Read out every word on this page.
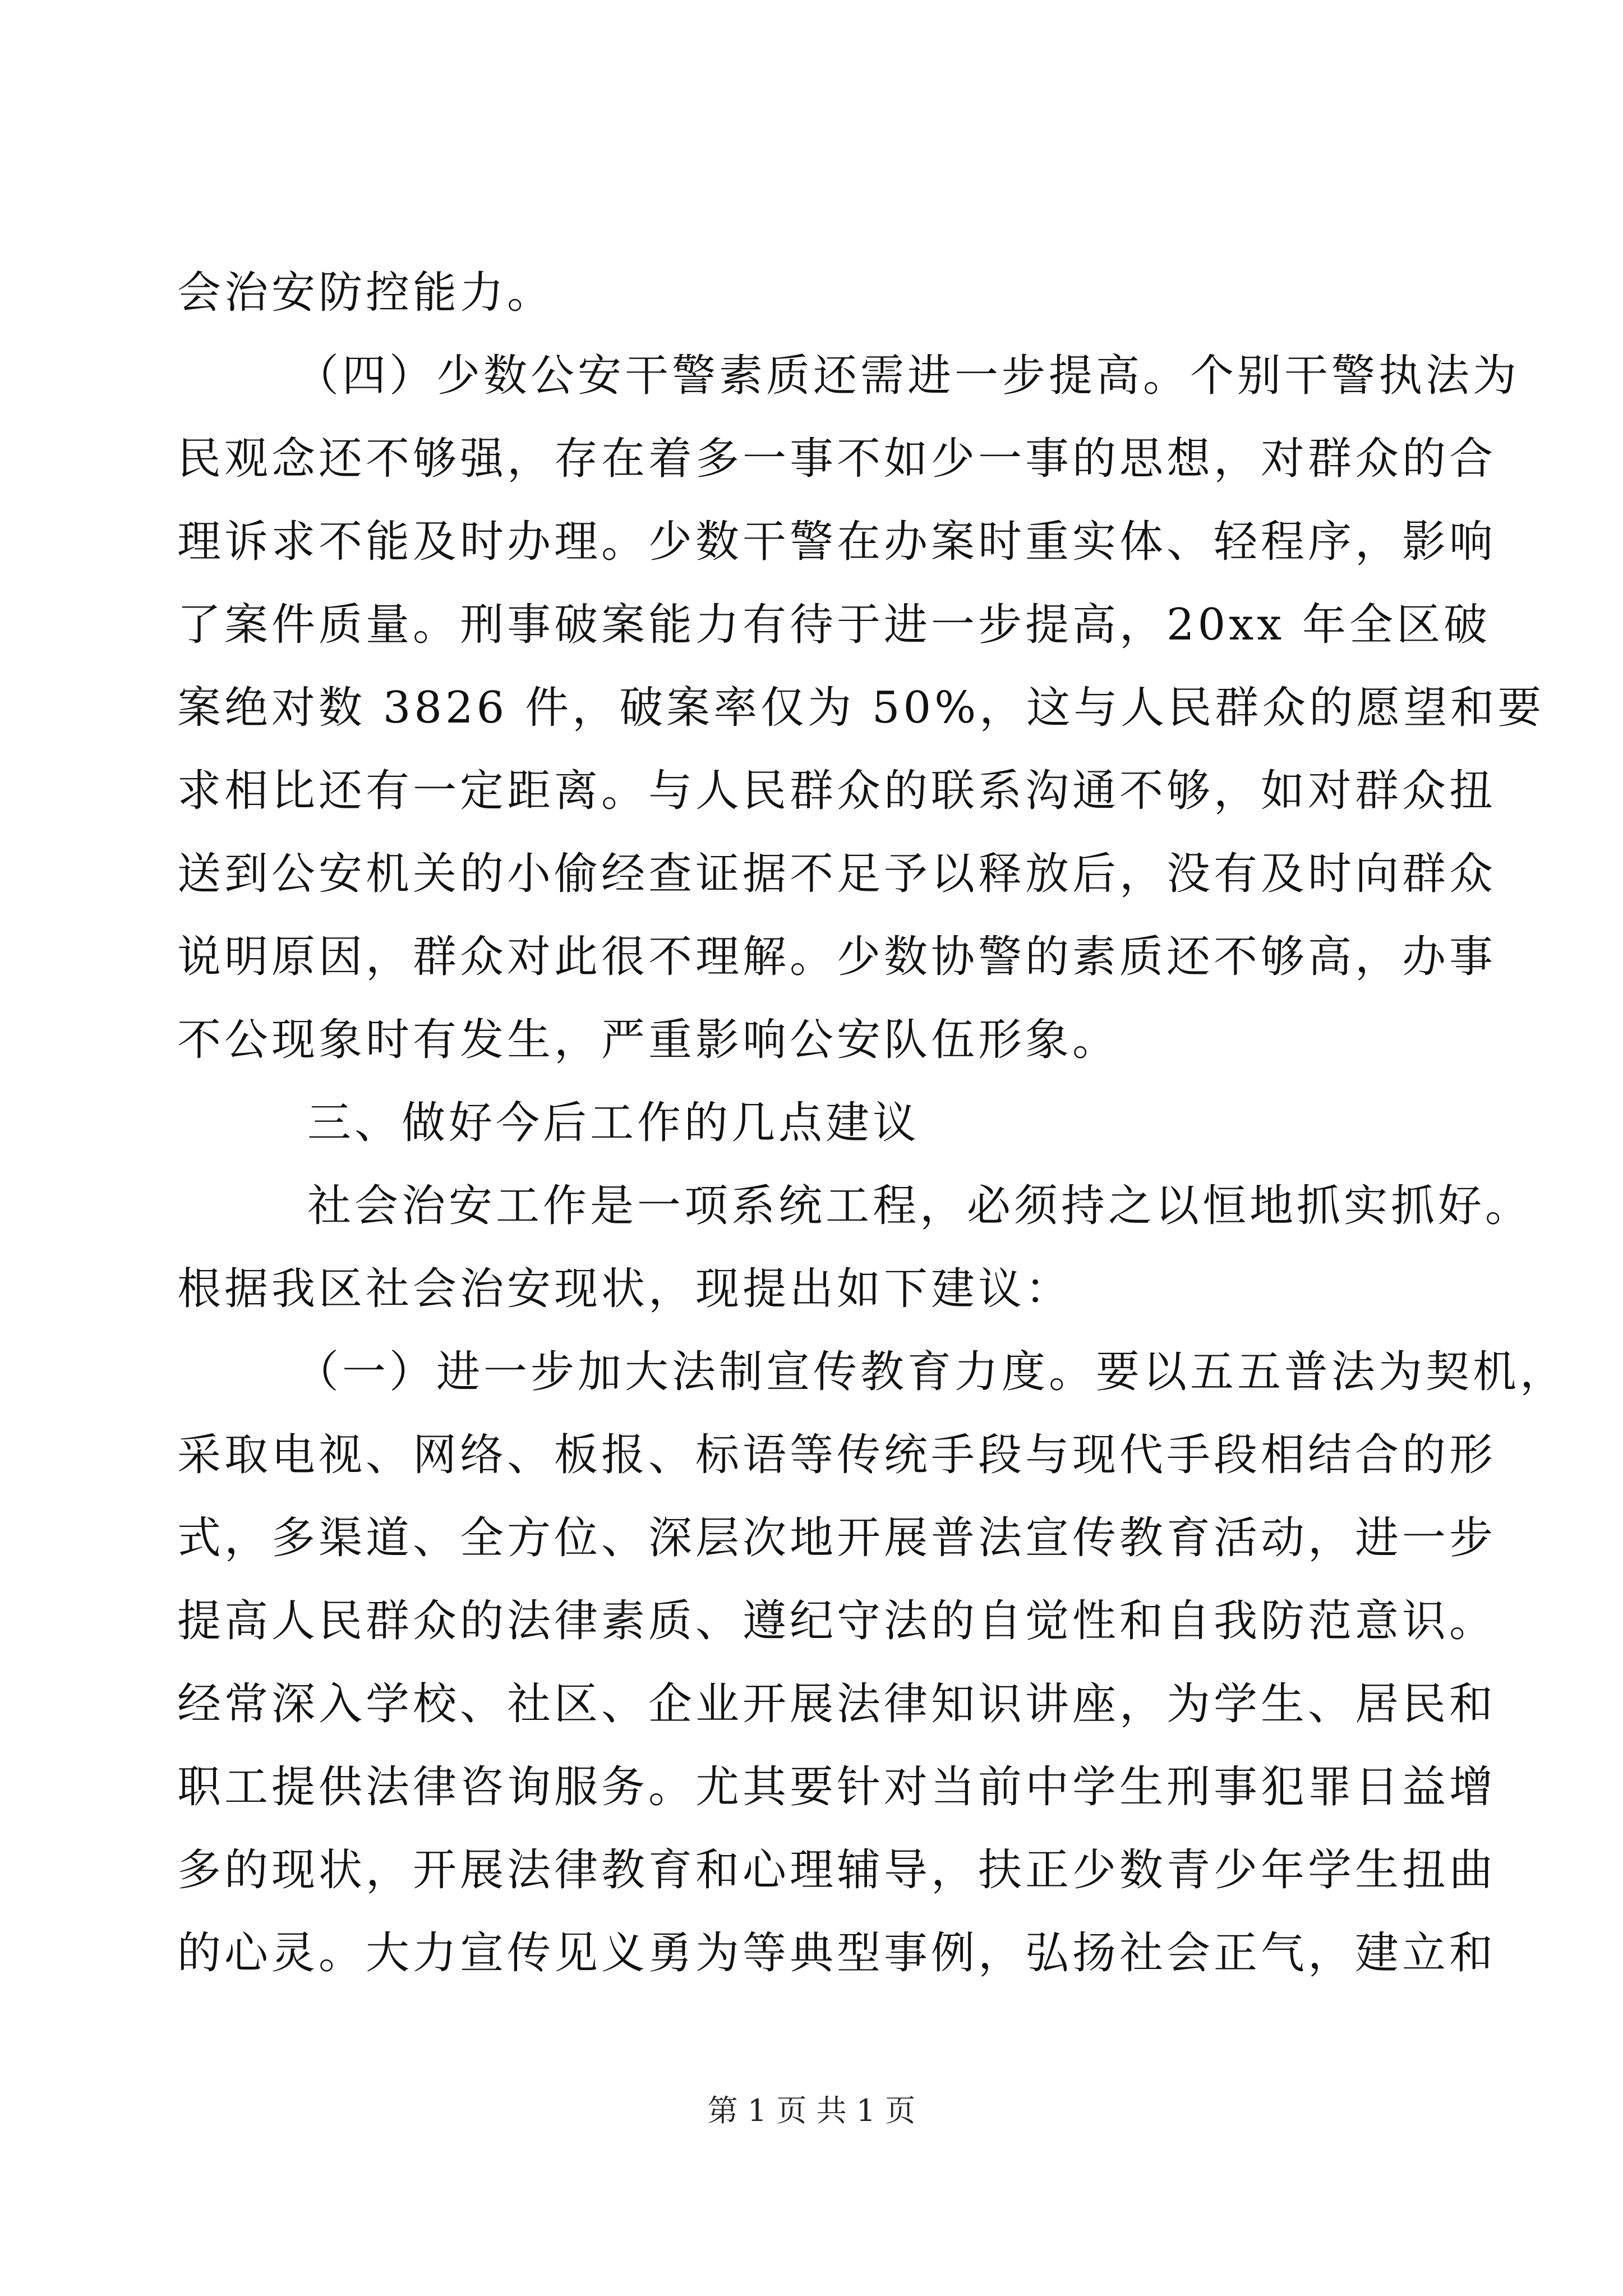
会治安防控能力。
（四）少数公安干警素质还需进一步提高。个别干警执法为
民观念还不够强，存在着多一事不如少一事的思想，对群众的合
理诉求不能及时办理。少数干警在办案时重实体、轻程序，影响
了案件质量。刑事破案能力有待于进一步提高，20xx 年全区破
案绝对数 3826 件，破案率仅为 50%，这与人民群众的愿望和要
求相比还有一定距离。与人民群众的联系沟通不够，如对群众扭
送到公安机关的小偷经查证据不足予以释放后，没有及时向群众
说明原因，群众对此很不理解。少数协警的素质还不够高，办事
不公现象时有发生，严重影响公安队伍形象。
三、做好今后工作的几点建议
社会治安工作是一项系统工程，必须持之以恒地抓实抓好。
根据我区社会治安现状，现提出如下建议：
（一）进一步加大法制宣传教育力度。要以五五普法为契机，
采取电视、网络、板报、标语等传统手段与现代手段相结合的形
式，多渠道、全方位、深层次地开展普法宣传教育活动，进一步
提高人民群众的法律素质、遵纪守法的自觉性和自我防范意识。
经常深入学校、社区、企业开展法律知识讲座，为学生、居民和
职工提供法律咨询服务。尤其要针对当前中学生刑事犯罪日益增
多的现状，开展法律教育和心理辅导，扶正少数青少年学生扭曲
的心灵。大力宣传见义勇为等典型事例，弘扬社会正气，建立和
第 1 页 共 1 页
